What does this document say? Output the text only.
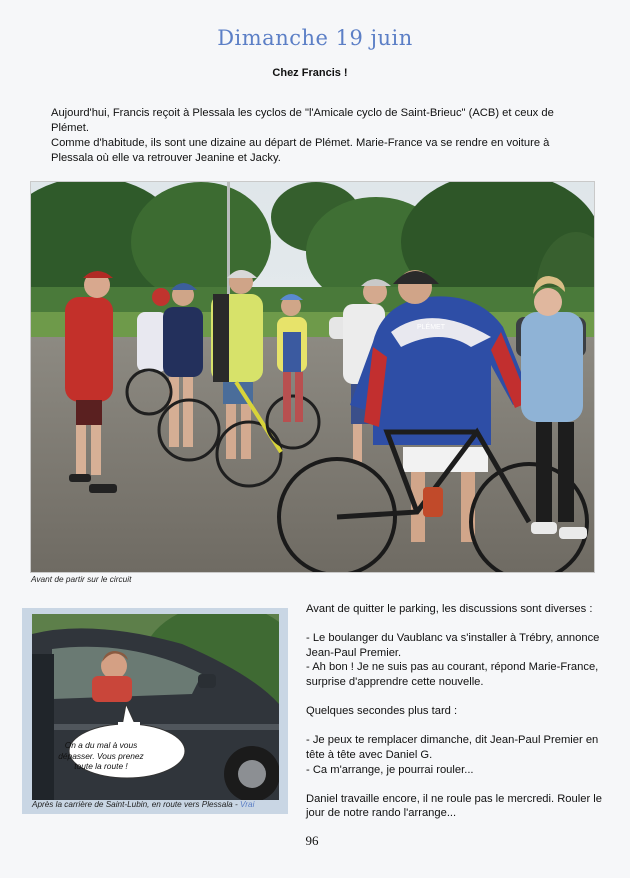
Dimanche 19 juin
Chez Francis !

Aujourd'hui, Francis reçoit à Plessala les cyclos de "l'Amicale cyclo de Saint-Brieuc" (ACB) et ceux de Plémet.

Comme d'habitude, ils sont une dizaine au départ de Plémet. Marie-France va se rendre en voiture à Plessala où elle va retrouver Jeanine et Jacky.

PLÉMET
Avant de partir sur le circuit
On a du mal à vous dépasser. Vous prenez toute la route !
Après la carrière de Saint-Lubin, en route vers Plessala - Vrai

Avant de quitter le parking, les discussions sont diverses :

- Le boulanger du Vaublanc va s'installer à Trébry, annonce Jean-Paul Premier.

- Ah bon ! Je ne suis pas au courant, répond Marie-France, surprise d'apprendre cette nouvelle.

Quelques secondes plus tard :

- Je peux te remplacer dimanche, dit Jean-Paul Premier en tête à tête avec Daniel G.

- Ca m'arrange, je pourrai rouler...

Daniel travaille encore, il ne roule pas le mercredi. Rouler le jour de notre rando l'arrange...

96
